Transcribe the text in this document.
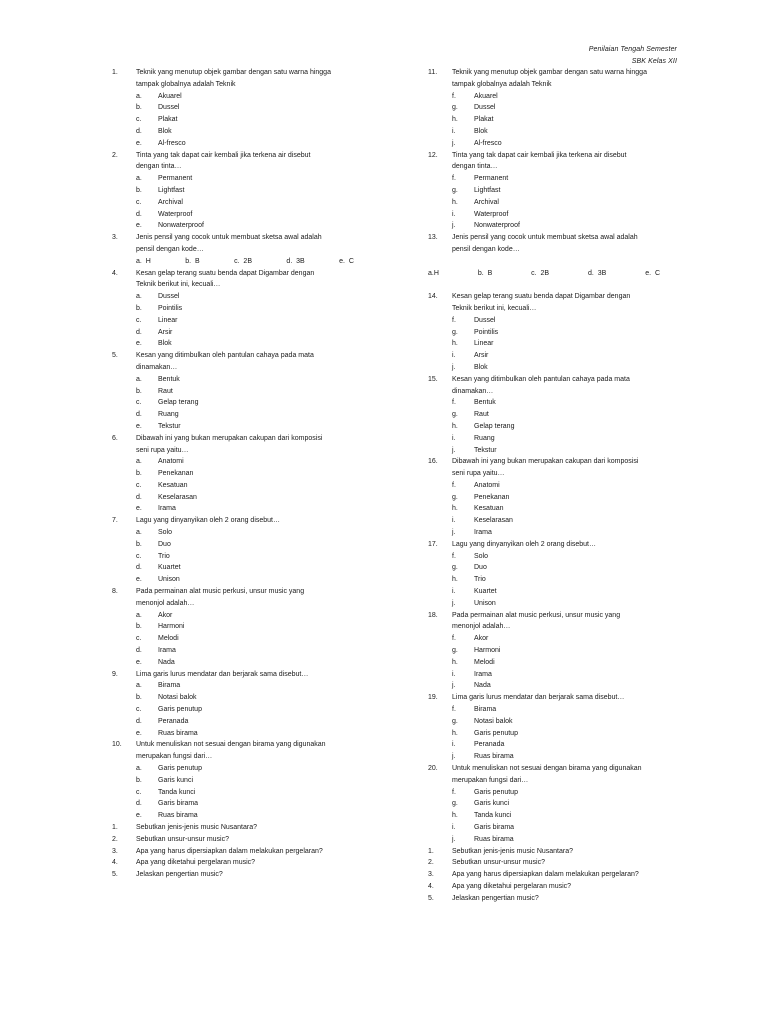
Penilaian Tengah Semester
SBK Kelas XII
1.	Teknik yang menutup objek gambar dengan satu warna hingga
tampak globalnya adalah Teknik
a.	Akuarel
b.	Dussel
c.	Plakat
d.	Blok
e.	Al-fresco
2.	Tinta yang tak dapat cair kembali jika terkena air disebut
dengan tinta…
a.	Permanent
b.	Lightfast
c.	Archival
d.	Waterproof
e.	Nonwaterproof
3.	Jenis pensil yang cocok untuk membuat sketsa awal adalah
pensil dengan kode…
a. H	b. B	c. 2B	d. 3B	e. C
4.	Kesan gelap terang suatu benda dapat Digambar dengan
Teknik berikut ini, kecuali…
a.	Dussel
b.	Pointilis
c.	Linear
d.	Arsir
e.	Blok
5.	Kesan yang ditimbulkan oleh pantulan cahaya pada mata
dinamakan…
a.	Bentuk
b.	Raut
c.	Gelap terang
d.	Ruang
e.	Tekstur
6.	Dibawah ini yang bukan merupakan cakupan dari komposisi
seni rupa yaitu…
a.	Anatomi
b.	Penekanan
c.	Kesatuan
d.	Keselarasan
e.	Irama
7.	Lagu yang dinyanyikan oleh 2 orang disebut…
a.	Solo
b.	Duo
c.	Trio
d.	Kuartet
e.	Unison
8.	Pada permainan alat music perkusi, unsur music yang
menonjol adalah…
a.	Akor
b.	Harmoni
c.	Melodi
d.	Irama
e.	Nada
9.	Lima garis lurus mendatar dan berjarak sama disebut…
a.	Birama
b.	Notasi balok
c.	Garis penutup
d.	Peranada
e.	Ruas birama
10.	Untuk menuliskan not sesuai dengan birama yang digunakan
merupakan fungsi dari…
a.	Garis penutup
b.	Garis kunci
c.	Tanda kunci
d.	Garis birama
e.	Ruas birama
1.	Sebutkan jenis-jenis music Nusantara?
2.	Sebutkan unsur-unsur music?
3.	Apa yang harus dipersiapkan dalam melakukan pergelaran?
4.	Apa yang diketahui pergelaran music?
5.	Jelaskan pengertian music?
11.	Teknik yang menutup objek gambar dengan satu warna hingga
tampak globalnya adalah Teknik
f.	Akuarel
g.	Dussel
h.	Plakat
i.	Blok
j.	Al-fresco
12.	Tinta yang tak dapat cair kembali jika terkena air disebut
dengan tinta…
f.	Permanent
g.	Lightfast
h.	Archival
i.	Waterproof
j.	Nonwaterproof
13.	Jenis pensil yang cocok untuk membuat sketsa awal adalah
pensil dengan kode…
a.H	b. B	c. 2B	d. 3B	e. C
14.	Kesan gelap terang suatu benda dapat Digambar dengan
Teknik berikut ini, kecuali…
f.	Dussel
g.	Pointilis
h.	Linear
i.	Arsir
j.	Blok
15.	Kesan yang ditimbulkan oleh pantulan cahaya pada mata
dinamakan…
f.	Bentuk
g.	Raut
h.	Gelap terang
i.	Ruang
j.	Tekstur
16.	Dibawah ini yang bukan merupakan cakupan dari komposisi
seni rupa yaitu…
f.	Anatomi
g.	Penekanan
h.	Kesatuan
i.	Keselarasan
j.	Irama
17.	Lagu yang dinyanyikan oleh 2 orang disebut…
f.	Solo
g.	Duo
h.	Trio
i.	Kuartet
j.	Unison
18.	Pada permainan alat music perkusi, unsur music yang
menonjol adalah…
f.	Akor
g.	Harmoni
h.	Melodi
i.	Irama
j.	Nada
19.	Lima garis lurus mendatar dan berjarak sama disebut…
f.	Birama
g.	Notasi balok
h.	Garis penutup
i.	Peranada
j.	Ruas birama
20.	Untuk menuliskan not sesuai dengan birama yang digunakan
merupakan fungsi dari…
f.	Garis penutup
g.	Garis kunci
h.	Tanda kunci
i.	Garis birama
j.	Ruas birama
1.	Sebutkan jenis-jenis music Nusantara?
2.	Sebutkan unsur-unsur music?
3.	Apa yang harus dipersiapkan dalam melakukan pergelaran?
4.	Apa yang diketahui pergelaran music?
5.	Jelaskan pengertian music?
